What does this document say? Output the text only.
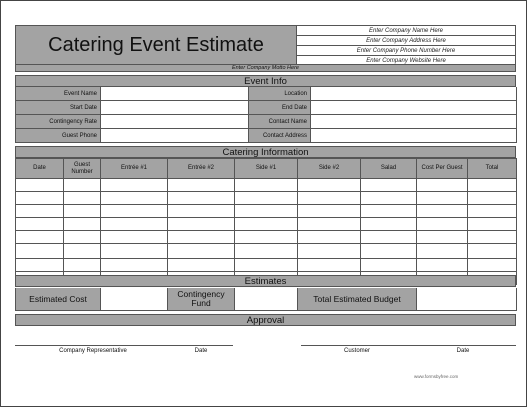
Catering Event Estimate
Enter Company Name Here
Enter Company Address Here
Enter Company Phone Number Here
Enter Company Website Here
Enter Company Motto Here
Event Info
Event Name	Location
Start Date	End Date
Contingency Rate	Contact Name
Guest Phone	Contact Address
Catering Information
Date	Guest Number	Entrée #1	Entrée #2	Side #1	Side #2	Salad	Cost Per Guest	Total

Estimates
Estimated Cost	Contingency Fund	Total Estimated Budget
Approval
Company Representative	Date	Customer	Date
www.formsbyfree.com
